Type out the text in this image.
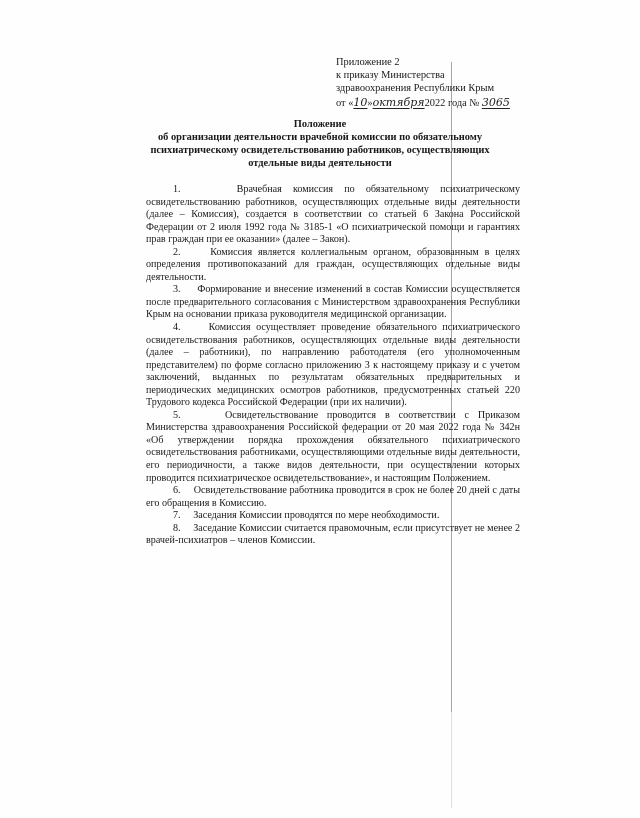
Приложение 2
к приказу Министерства
здравоохранения Республики Крым
от «10»октября2022 года № 3065
Положение
об организации деятельности врачебной комиссии по обязательному
психиатрическому освидетельствованию работников, осуществляющих
отдельные виды деятельности

1.     Врачебная комиссия по обязательному психиатрическому освидетельствованию работников, осуществляющих отдельные виды деятельности (далее – Комиссия), создается в соответствии со статьей 6 Закона Российской Федерации от 2 июля 1992 года № 3185-1 «О психиатрической помощи и гарантиях прав граждан при ее оказании» (далее – Закон).

2.     Комиссия является коллегиальным органом, образованным в целях определения противопоказаний для граждан, осуществляющих отдельные виды деятельности.

3.     Формирование и внесение изменений в состав Комиссии осуществляется после предварительного согласования с Министерством здравоохранения Республики Крым на основании приказа руководителя медицинской организации.

4.     Комиссия осуществляет проведение обязательного психиатрического освидетельствования работников, осуществляющих отдельные виды деятельности (далее – работники), по направлению работодателя (его уполномоченным представителем) по форме согласно приложению 3 к настоящему приказу и с учетом заключений, выданных по результатам обязательных предварительных и периодических медицинских осмотров работников, предусмотренных статьей 220 Трудового кодекса Российской Федерации (при их наличии).

5.     Освидетельствование проводится в соответствии с Приказом Министерства здравоохранения Российской федерации от 20 мая 2022 года № 342н «Об утверждении порядка прохождения обязательного психиатрического освидетельствования работниками, осуществляющими отдельные виды деятельности, его периодичности, а также видов деятельности, при осуществлении которых проводится психиатрическое освидетельствование», и настоящим Положением.

6.     Освидетельствование работника проводится в срок не более 20 дней с даты его обращения в Комиссию.

7.     Заседания Комиссии проводятся по мере необходимости.

8.     Заседание Комиссии считается правомочным, если присутствует не менее 2 врачей-психиатров – членов Комиссии.
